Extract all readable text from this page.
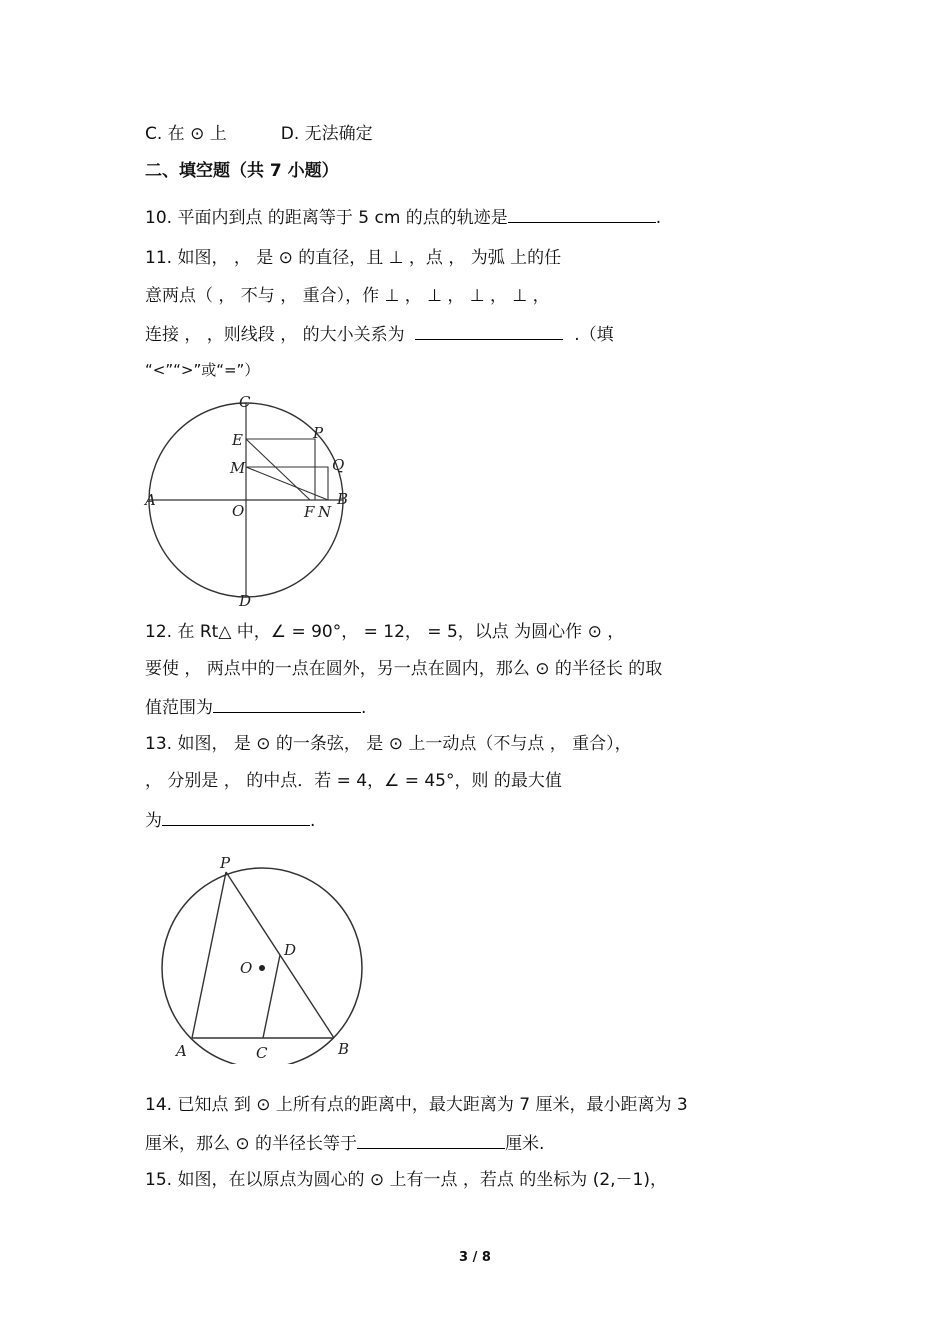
C. 在 ⊙ 上	D. 无法确定
二、填空题（共 7 小题）
10. 平面内到点 的距离等于 5 cm 的点的轨迹是	.
11. 如图， ， 是 ⊙ 的直径，且 ⊥ ，点 ， 为弧 上的任
意两点（ ， 不与 ， 重合），作 ⊥ ， ⊥ ， ⊥ ， ⊥ ，
连接 ， ，则线段 ， 的大小关系为	.（填
“<”“>”或“=”）
C
E	P
M	Q
A
O	F N
B
D
12. 在 Rt△ 中，∠ = 90°， = 12， = 5，以点 为圆心作 ⊙ ，
要使 ， 两点中的一点在圆外，另一点在圆内，那么 ⊙ 的半径长 的取
值范围为	.
13. 如图， 是 ⊙ 的一条弦， 是 ⊙ 上一动点（不与点 ， 重合），
， 分别是 ， 的中点．若 = 4，∠ = 45°，则 的最大值
为	.
P
D
O
A	C	B
14. 已知点 到 ⊙ 上所有点的距离中，最大距离为 7 厘米，最小距离为 3
厘米，那么 ⊙ 的半径长等于	厘米.
15. 如图，在以原点为圆心的 ⊙ 上有一点 ，若点 的坐标为 (2,－1)，
3 / 8
